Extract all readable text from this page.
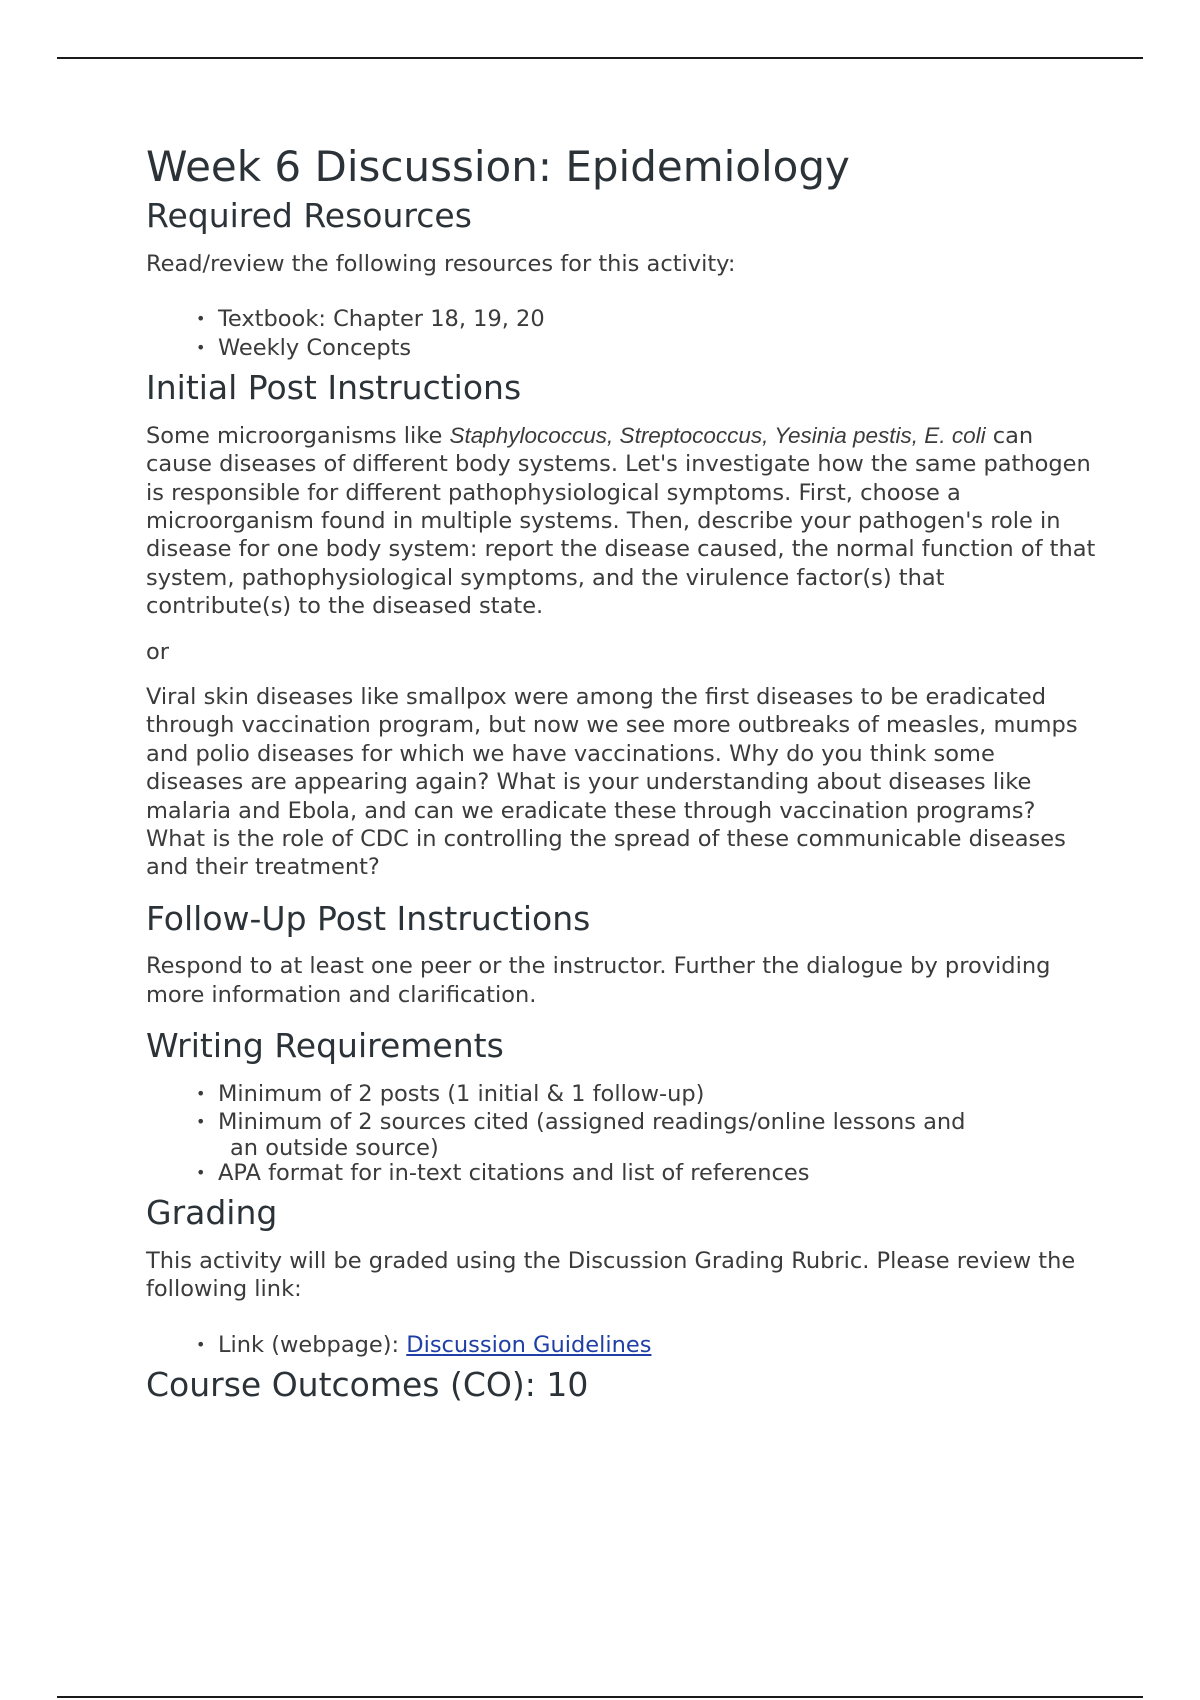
Week 6 Discussion: Epidemiology
Required Resources

Read/review the following resources for this activity:

• Textbook: Chapter 18, 19, 20
• Weekly Concepts
Initial Post Instructions

Some microorganisms like Staphylococcus, Streptococcus, Yesinia pestis, E. coli can cause diseases of different body systems. Let's investigate how the same pathogen is responsible for different pathophysiological symptoms. First, choose a microorganism found in multiple systems. Then, describe your pathogen's role in disease for one body system: report the disease caused, the normal function of that system, pathophysiological symptoms, and the virulence factor(s) that contribute(s) to the diseased state.

or

Viral skin diseases like smallpox were among the first diseases to be eradicated through vaccination program, but now we see more outbreaks of measles, mumps and polio diseases for which we have vaccinations. Why do you think some diseases are appearing again? What is your understanding about diseases like malaria and Ebola, and can we eradicate these through vaccination programs? What is the role of CDC in controlling the spread of these communicable diseases and their treatment?

Follow-Up Post Instructions

Respond to at least one peer or the instructor. Further the dialogue by providing more information and clarification.

Writing Requirements
• Minimum of 2 posts (1 initial & 1 follow-up)
• Minimum of 2 sources cited (assigned readings/online lessons and
an outside source)
• APA format for in-text citations and list of references
Grading

This activity will be graded using the Discussion Grading Rubric. Please review the following link:

• Link (webpage): Discussion Guidelines
Course Outcomes (CO): 10
